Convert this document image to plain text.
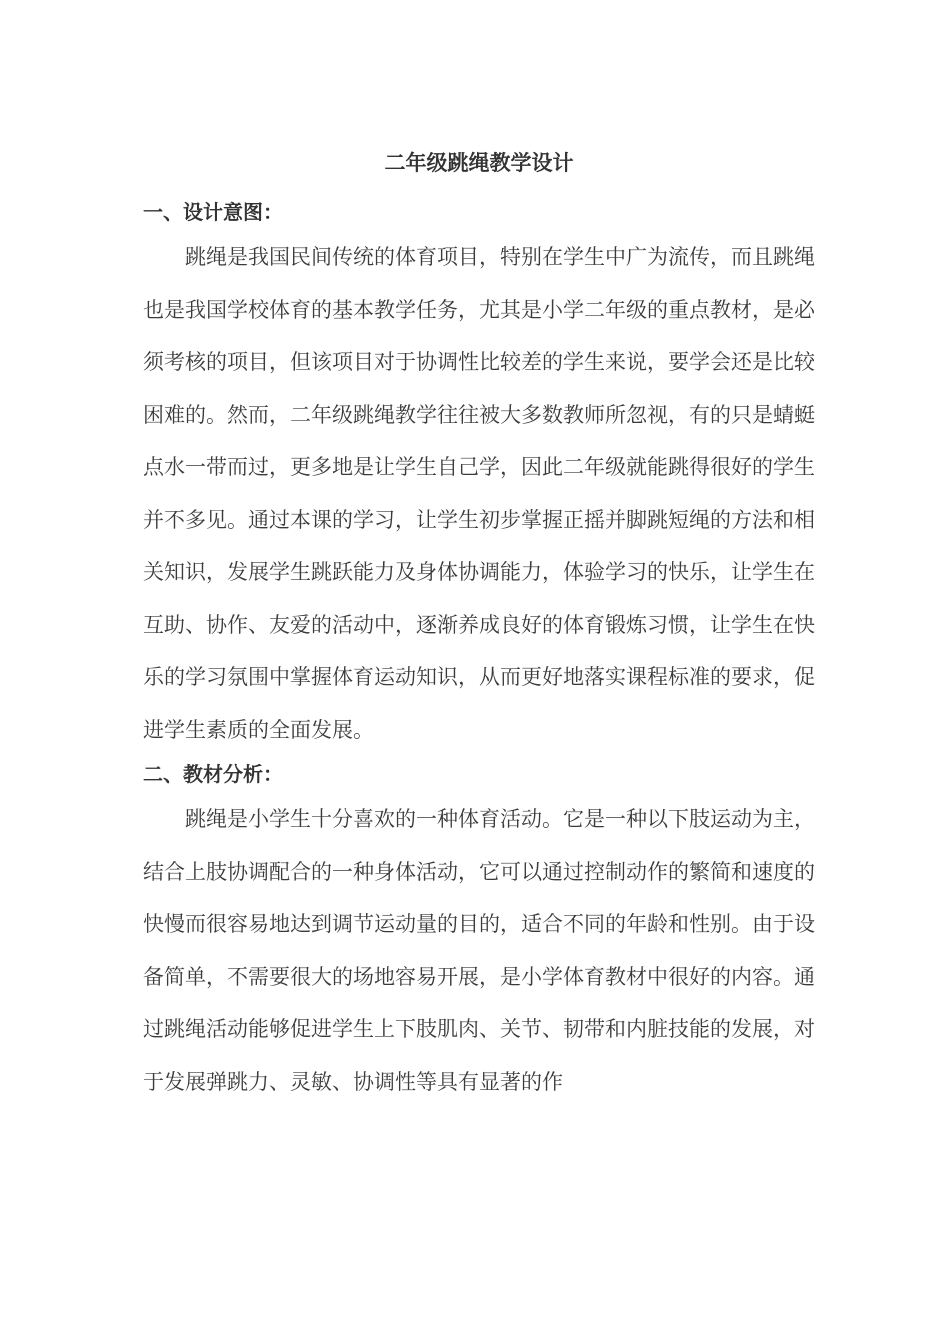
二年级跳绳教学设计
一、设计意图：

跳绳是我国民间传统的体育项目，特别在学生中广为流传，而且跳绳也是我国学校体育的基本教学任务，尤其是小学二年级的重点教材，是必须考核的项目，但该项目对于协调性比较差的学生来说，要学会还是比较困难的。然而，二年级跳绳教学往往被大多数教师所忽视，有的只是蜻蜓点水一带而过，更多地是让学生自己学，因此二年级就能跳得很好的学生并不多见。通过本课的学习，让学生初步掌握正摇并脚跳短绳的方法和相关知识，发展学生跳跃能力及身体协调能力，体验学习的快乐，让学生在互助、协作、友爱的活动中，逐渐养成良好的体育锻炼习惯，让学生在快乐的学习氛围中掌握体育运动知识，从而更好地落实课程标准的要求，促进学生素质的全面发展。

二、教材分析：

跳绳是小学生十分喜欢的一种体育活动。它是一种以下肢运动为主，结合上肢协调配合的一种身体活动，它可以通过控制动作的繁简和速度的快慢而很容易地达到调节运动量的目的，适合不同的年龄和性别。由于设备简单，不需要很大的场地容易开展，是小学体育教材中很好的内容。通过跳绳活动能够促进学生上下肢肌肉、关节、韧带和内脏技能的发展，对于发展弹跳力、灵敏、协调性等具有显著的作
